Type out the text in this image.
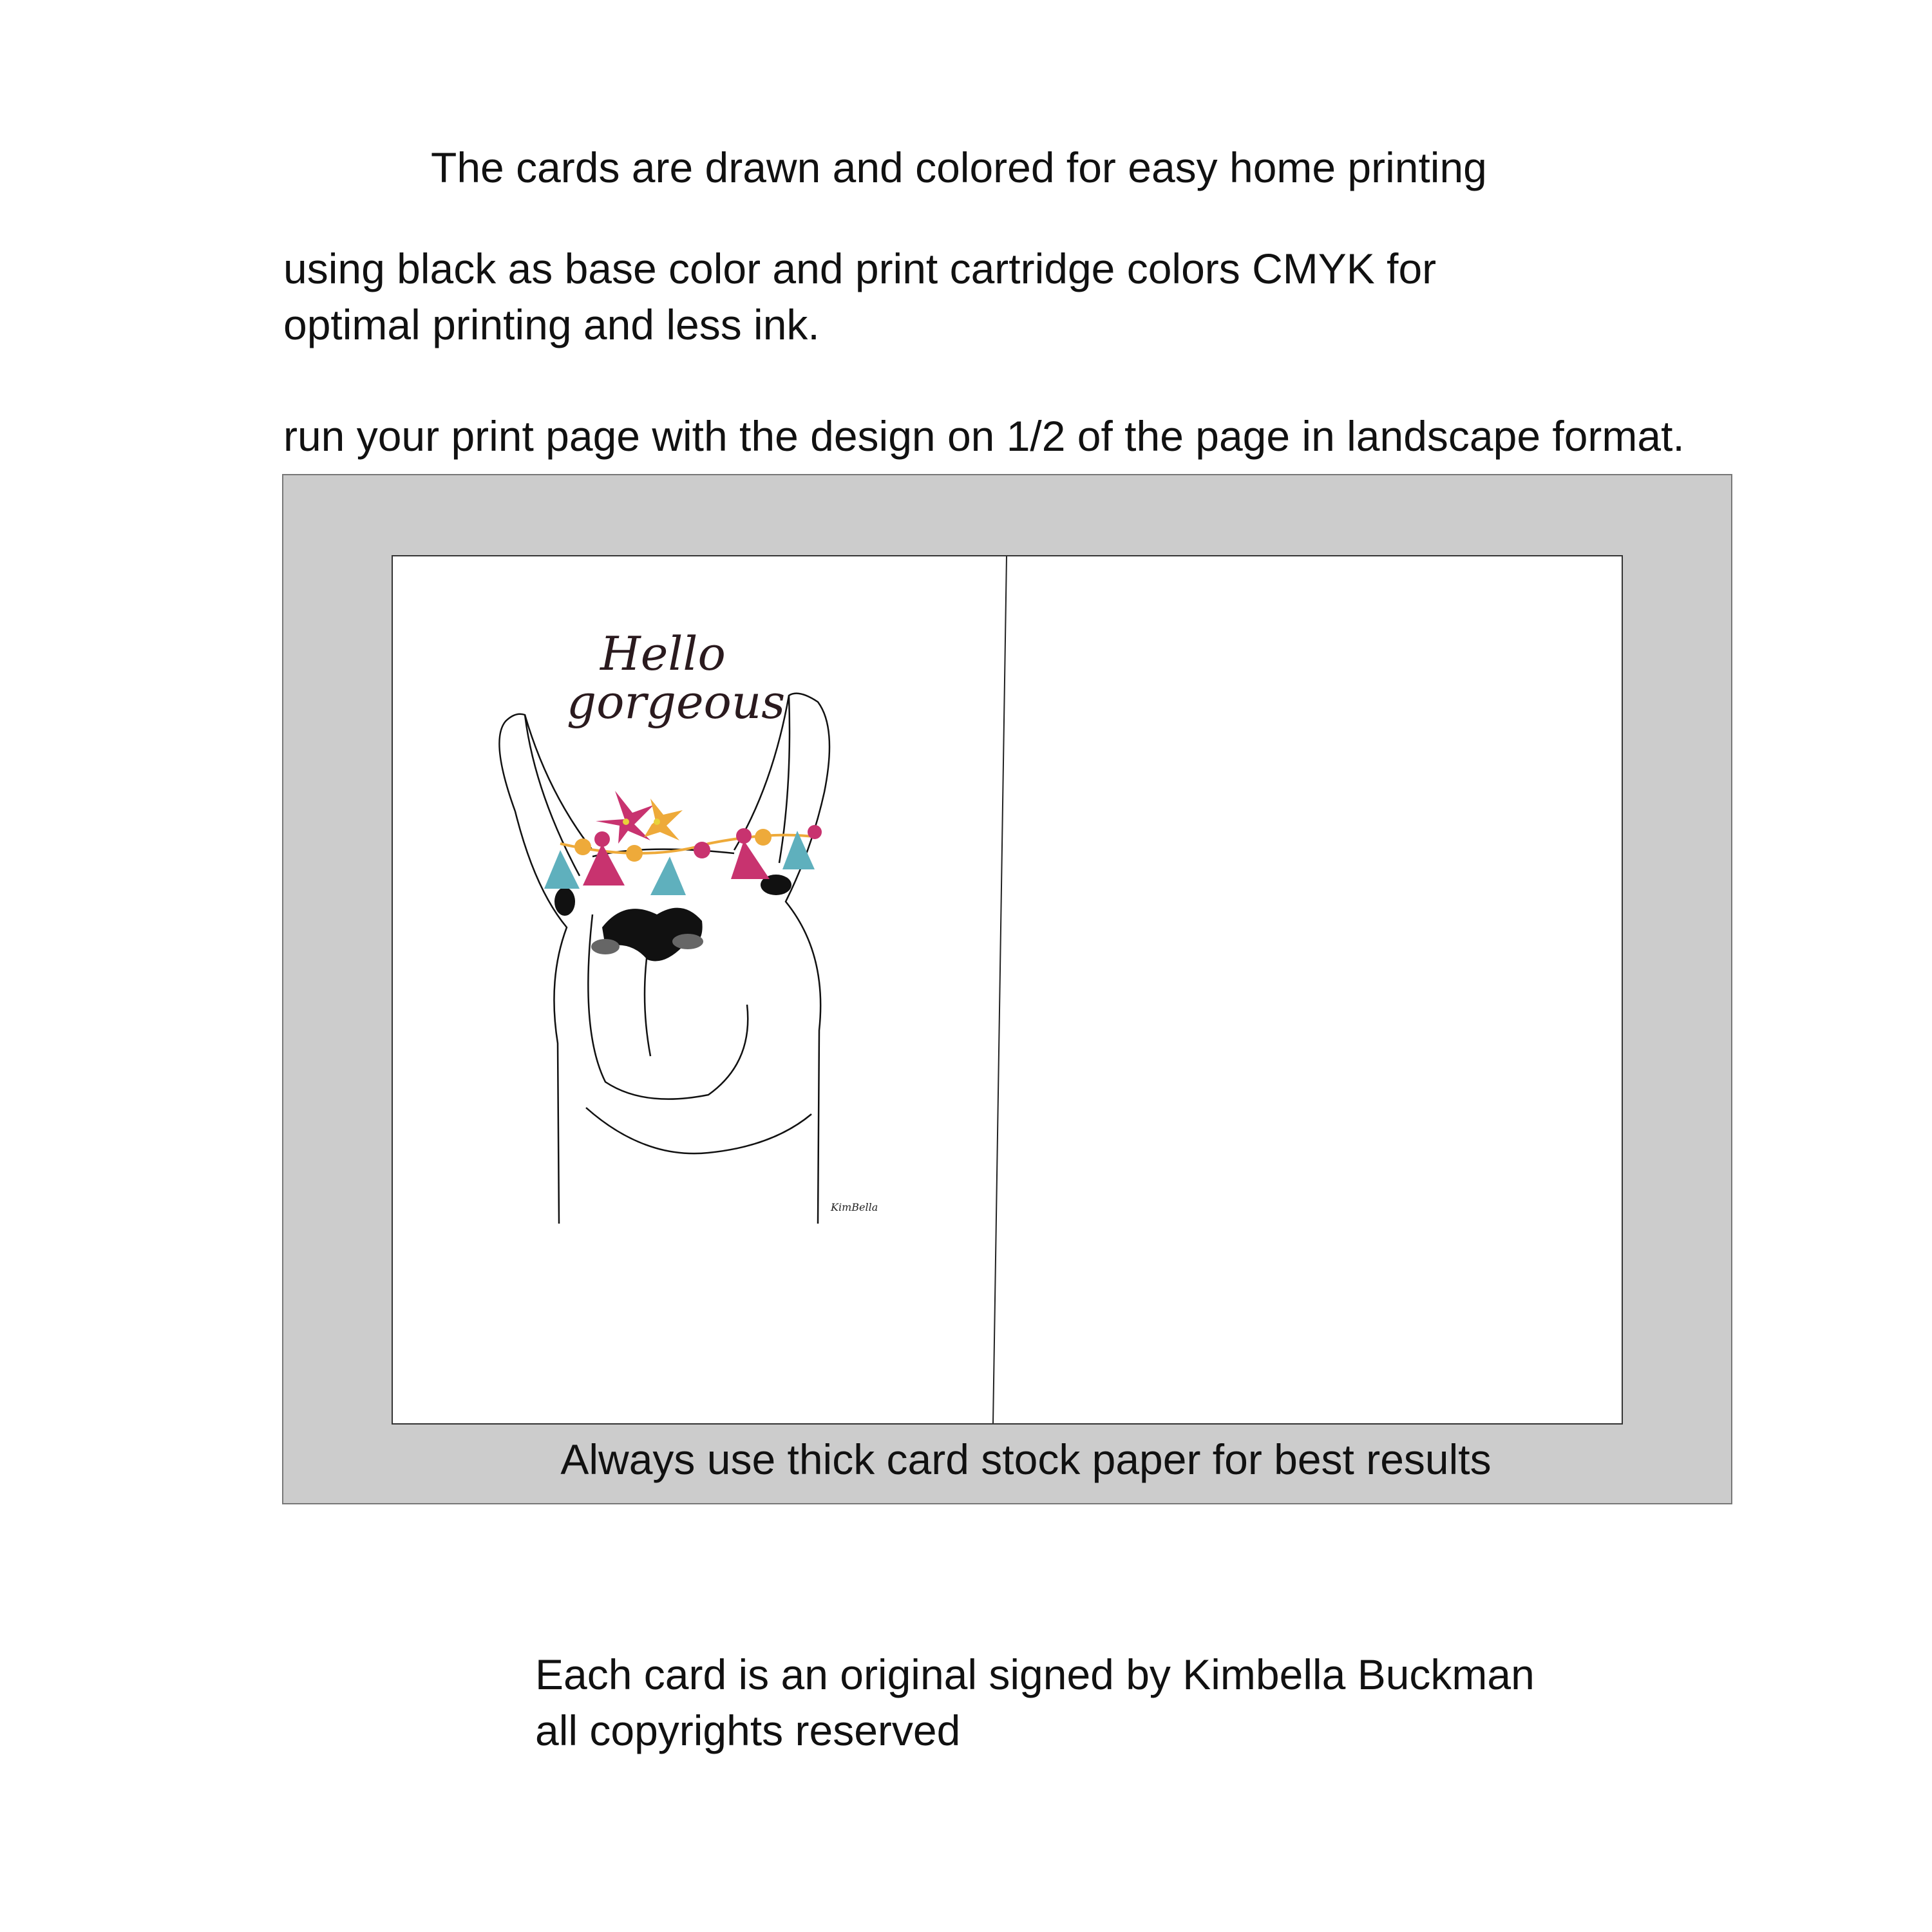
The cards are drawn and colored for easy home printing

using black as base color and print cartridge colors CMYK for

optimal printing and less ink.

run your print page with the design on 1/2 of the page in landscape format.

Hello
gorgeous
KimBella
Always use thick card stock paper for best results

Each card is an original signed by Kimbella Buckman

all copyrights reserved
